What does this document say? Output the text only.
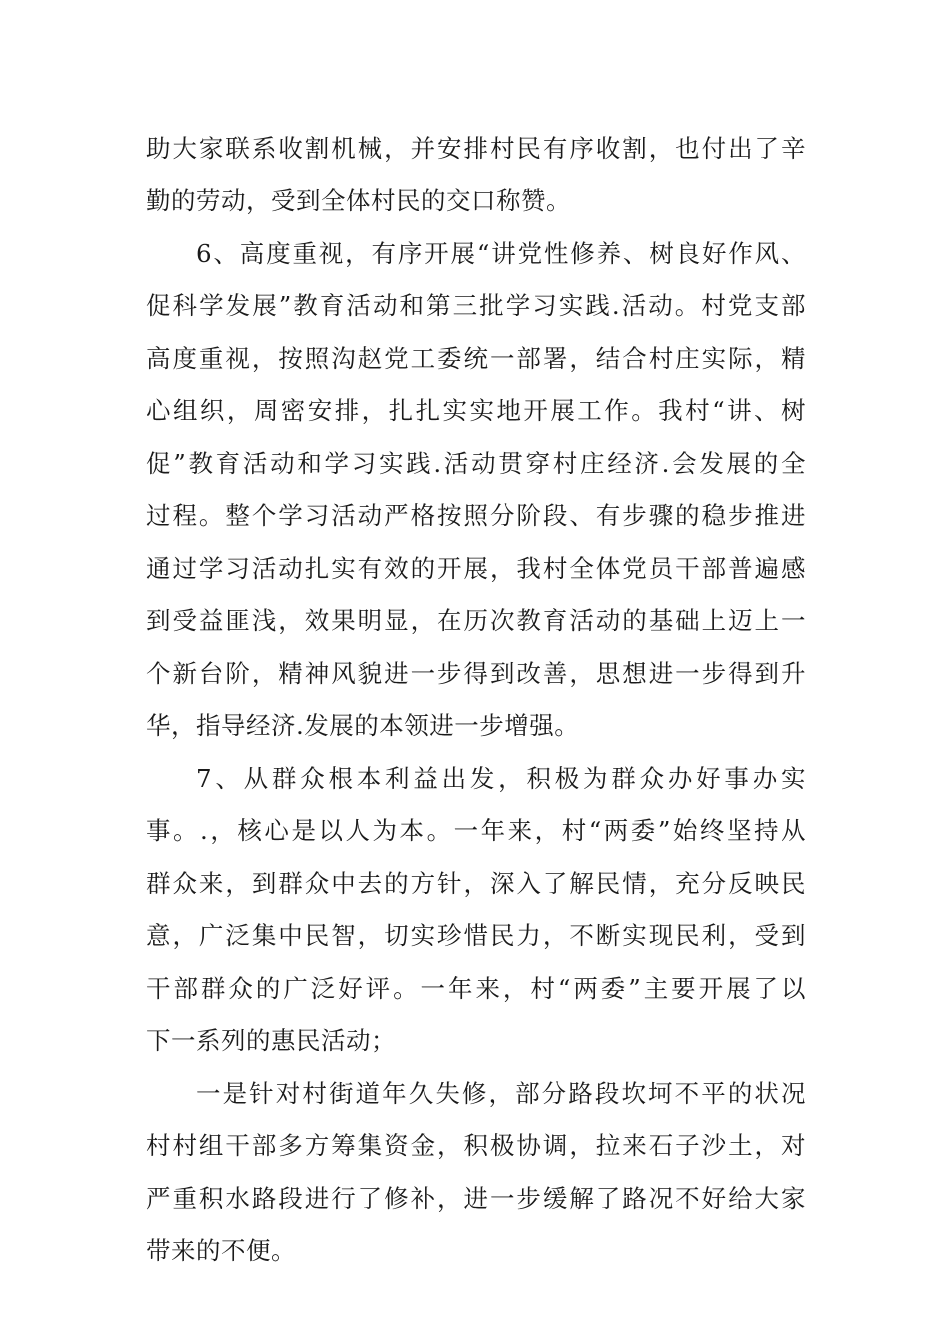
助大家联系收割机械，并安排村民有序收割，也付出了辛
勤的劳动，受到全体村民的交口称赞。
6、高度重视，有序开展“讲党性修养、树良好作风、
促科学发展”教育活动和第三批学习实践.活动。村党支部
高度重视，按照沟赵党工委统一部署，结合村庄实际，精
心组织，周密安排，扎扎实实地开展工作。我村“讲、树
促”教育活动和学习实践.活动贯穿村庄经济.会发展的全
过程。整个学习活动严格按照分阶段、有步骤的稳步推进
通过学习活动扎实有效的开展，我村全体党员干部普遍感
到受益匪浅，效果明显，在历次教育活动的基础上迈上一
个新台阶，精神风貌进一步得到改善，思想进一步得到升
华，指导经济.发展的本领进一步增强。
7、从群众根本利益出发，积极为群众办好事办实
事。.，核心是以人为本。一年来，村“两委”始终坚持从
群众来，到群众中去的方针，深入了解民情，充分反映民
意，广泛集中民智，切实珍惜民力，不断实现民利，受到
干部群众的广泛好评。一年来，村“两委”主要开展了以
下一系列的惠民活动；
一是针对村街道年久失修，部分路段坎坷不平的状况
村村组干部多方筹集资金，积极协调，拉来石子沙土，对
严重积水路段进行了修补，进一步缓解了路况不好给大家
带来的不便。
